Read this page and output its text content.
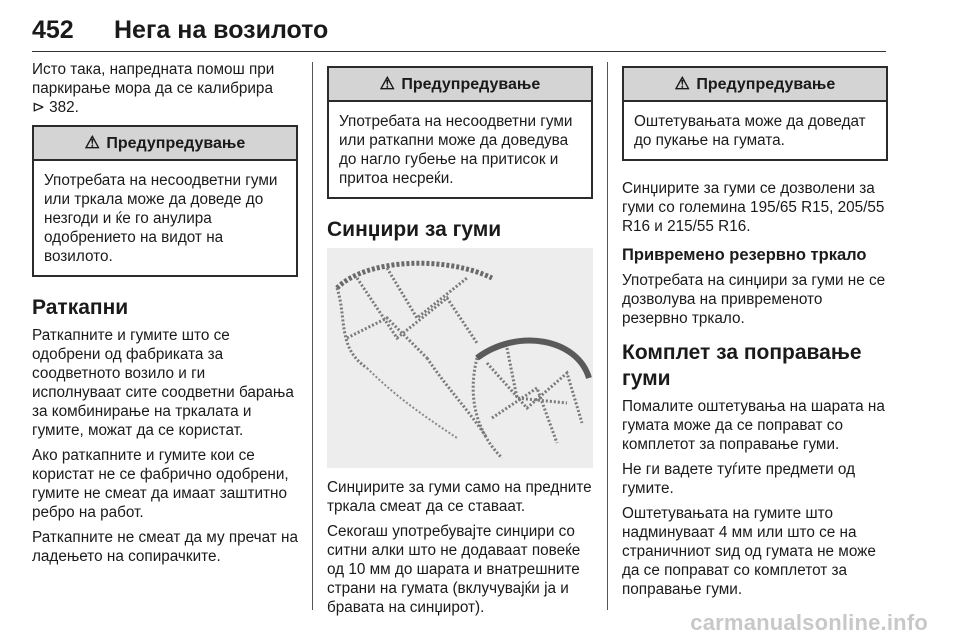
452	Нега на возилото

Исто така, напредната помош при паркирање мора да се калибрира
⊳ 382.

⚠ Предупредување
Употребата на несоодветни гуми или тркала може да доведе до незгоди и ќе го анулира одобрението на видот на возилото.
Раткапни

Раткапните и гумите што се одобрени од фабриката за соодветното возило и ги исполнуваат сите соодветни барања за комбинирање на тркалата и гумите, можат да се користат.

Ако раткапните и гумите кои се користат не се фабрично одобрени, гумите не смеат да имаат заштитно ребро на работ.

Раткапните не смеат да му пречат на ладењето на сопирачките.

⚠ Предупредување
Употребата на несоодветни гуми или раткапни може да доведува до нагло губење на притисок и притоа несреќи.
Синџири за гуми

Синџирите за гуми само на предните тркала смеат да се ставаат.

Секогаш употребувајте синџири со ситни алки што не додаваат повеќе од 10 мм до шарата и внатрешните страни на гумата (вклучувајќи ја и бравата на синџирот).

⚠ Предупредување
Оштетувањата може да доведат до пукање на гумата.

Синџирите за гуми се дозволени за гуми со големина 195/65 R15, 205/55 R16 и 215/55 R16.

Привремено резервно тркало

Употребата на синџири за гуми не се дозволува на привременото резервно тркало.

Комплет за поправање гуми

Помалите оштетувања на шарата на гумата може да се поправат со комплетот за поправање гуми.

Не ги вадете туѓите предмети од гумите.

Оштетувањата на гумите што надминуваат 4 мм или што се на страничниот ѕид од гумата не може да се поправат со комплетот за поправање гуми.

carmanualsonline.info
